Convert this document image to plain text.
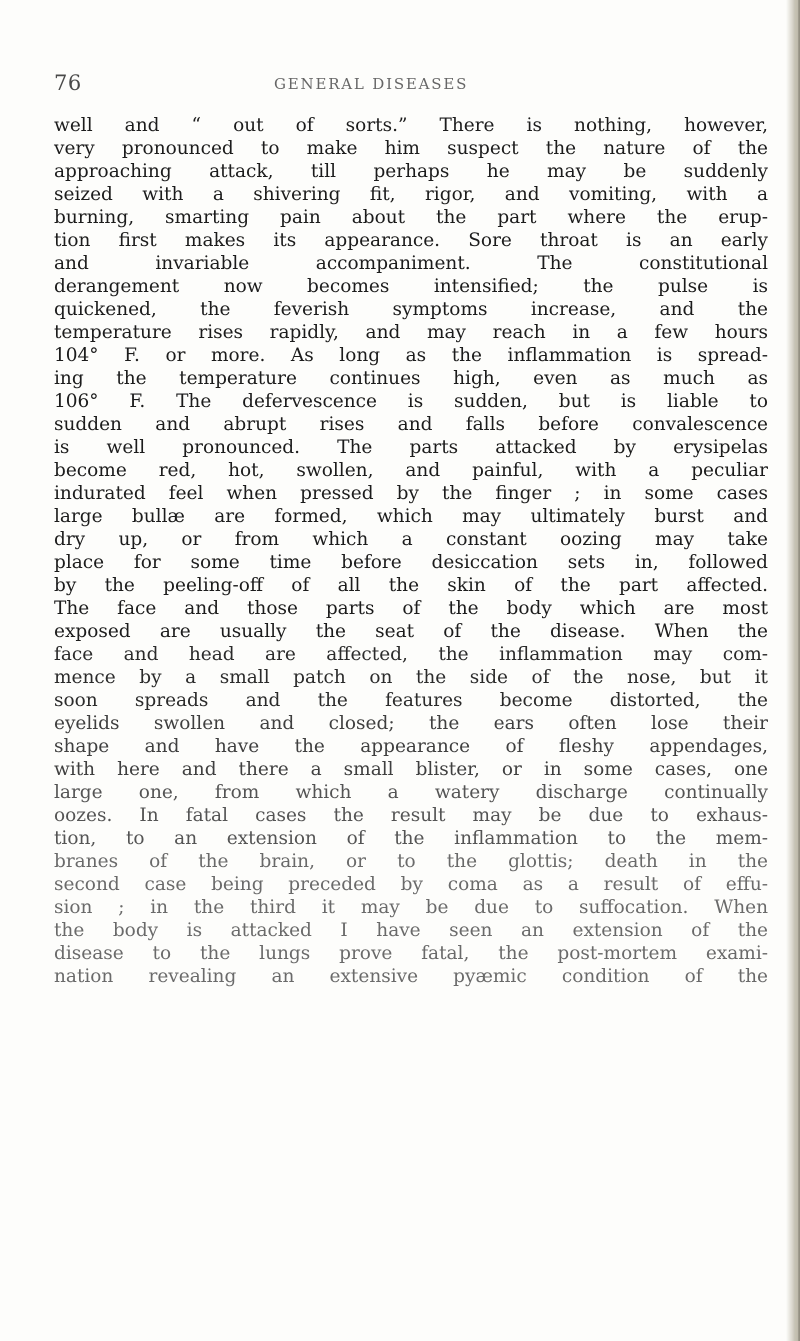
76	GENERAL DISEASES
well and “ out of sorts.” There is nothing, however,
very pronounced to make him suspect the nature of the
approaching attack, till perhaps he may be suddenly
seized with a shivering fit, rigor, and vomiting, with a
burning, smarting pain about the part where the erup-
tion first makes its appearance. Sore throat is an early
and invariable accompaniment. The constitutional
derangement now becomes intensified; the pulse is
quickened, the feverish symptoms increase, and the
temperature rises rapidly, and may reach in a few hours
104° F. or more. As long as the inflammation is spread-
ing the temperature continues high, even as much as
106° F. The defervescence is sudden, but is liable to
sudden and abrupt rises and falls before convalescence
is well pronounced. The parts attacked by erysipelas
become red, hot, swollen, and painful, with a peculiar
indurated feel when pressed by the finger ; in some cases
large bullæ are formed, which may ultimately burst and
dry up, or from which a constant oozing may take
place for some time before desiccation sets in, followed
by the peeling-off of all the skin of the part affected.
The face and those parts of the body which are most
exposed are usually the seat of the disease. When the
face and head are affected, the inflammation may com-
mence by a small patch on the side of the nose, but it
soon spreads and the features become distorted, the
eyelids swollen and closed; the ears often lose their
shape and have the appearance of fleshy appendages,
with here and there a small blister, or in some cases, one
large one, from which a watery discharge continually
oozes. In fatal cases the result may be due to exhaus-
tion, to an extension of the inflammation to the mem-
branes of the brain, or to the glottis; death in the
second case being preceded by coma as a result of effu-
sion ; in the third it may be due to suffocation. When
the body is attacked I have seen an extension of the
disease to the lungs prove fatal, the post-mortem exami-
nation revealing an extensive pyæmic condition of the
